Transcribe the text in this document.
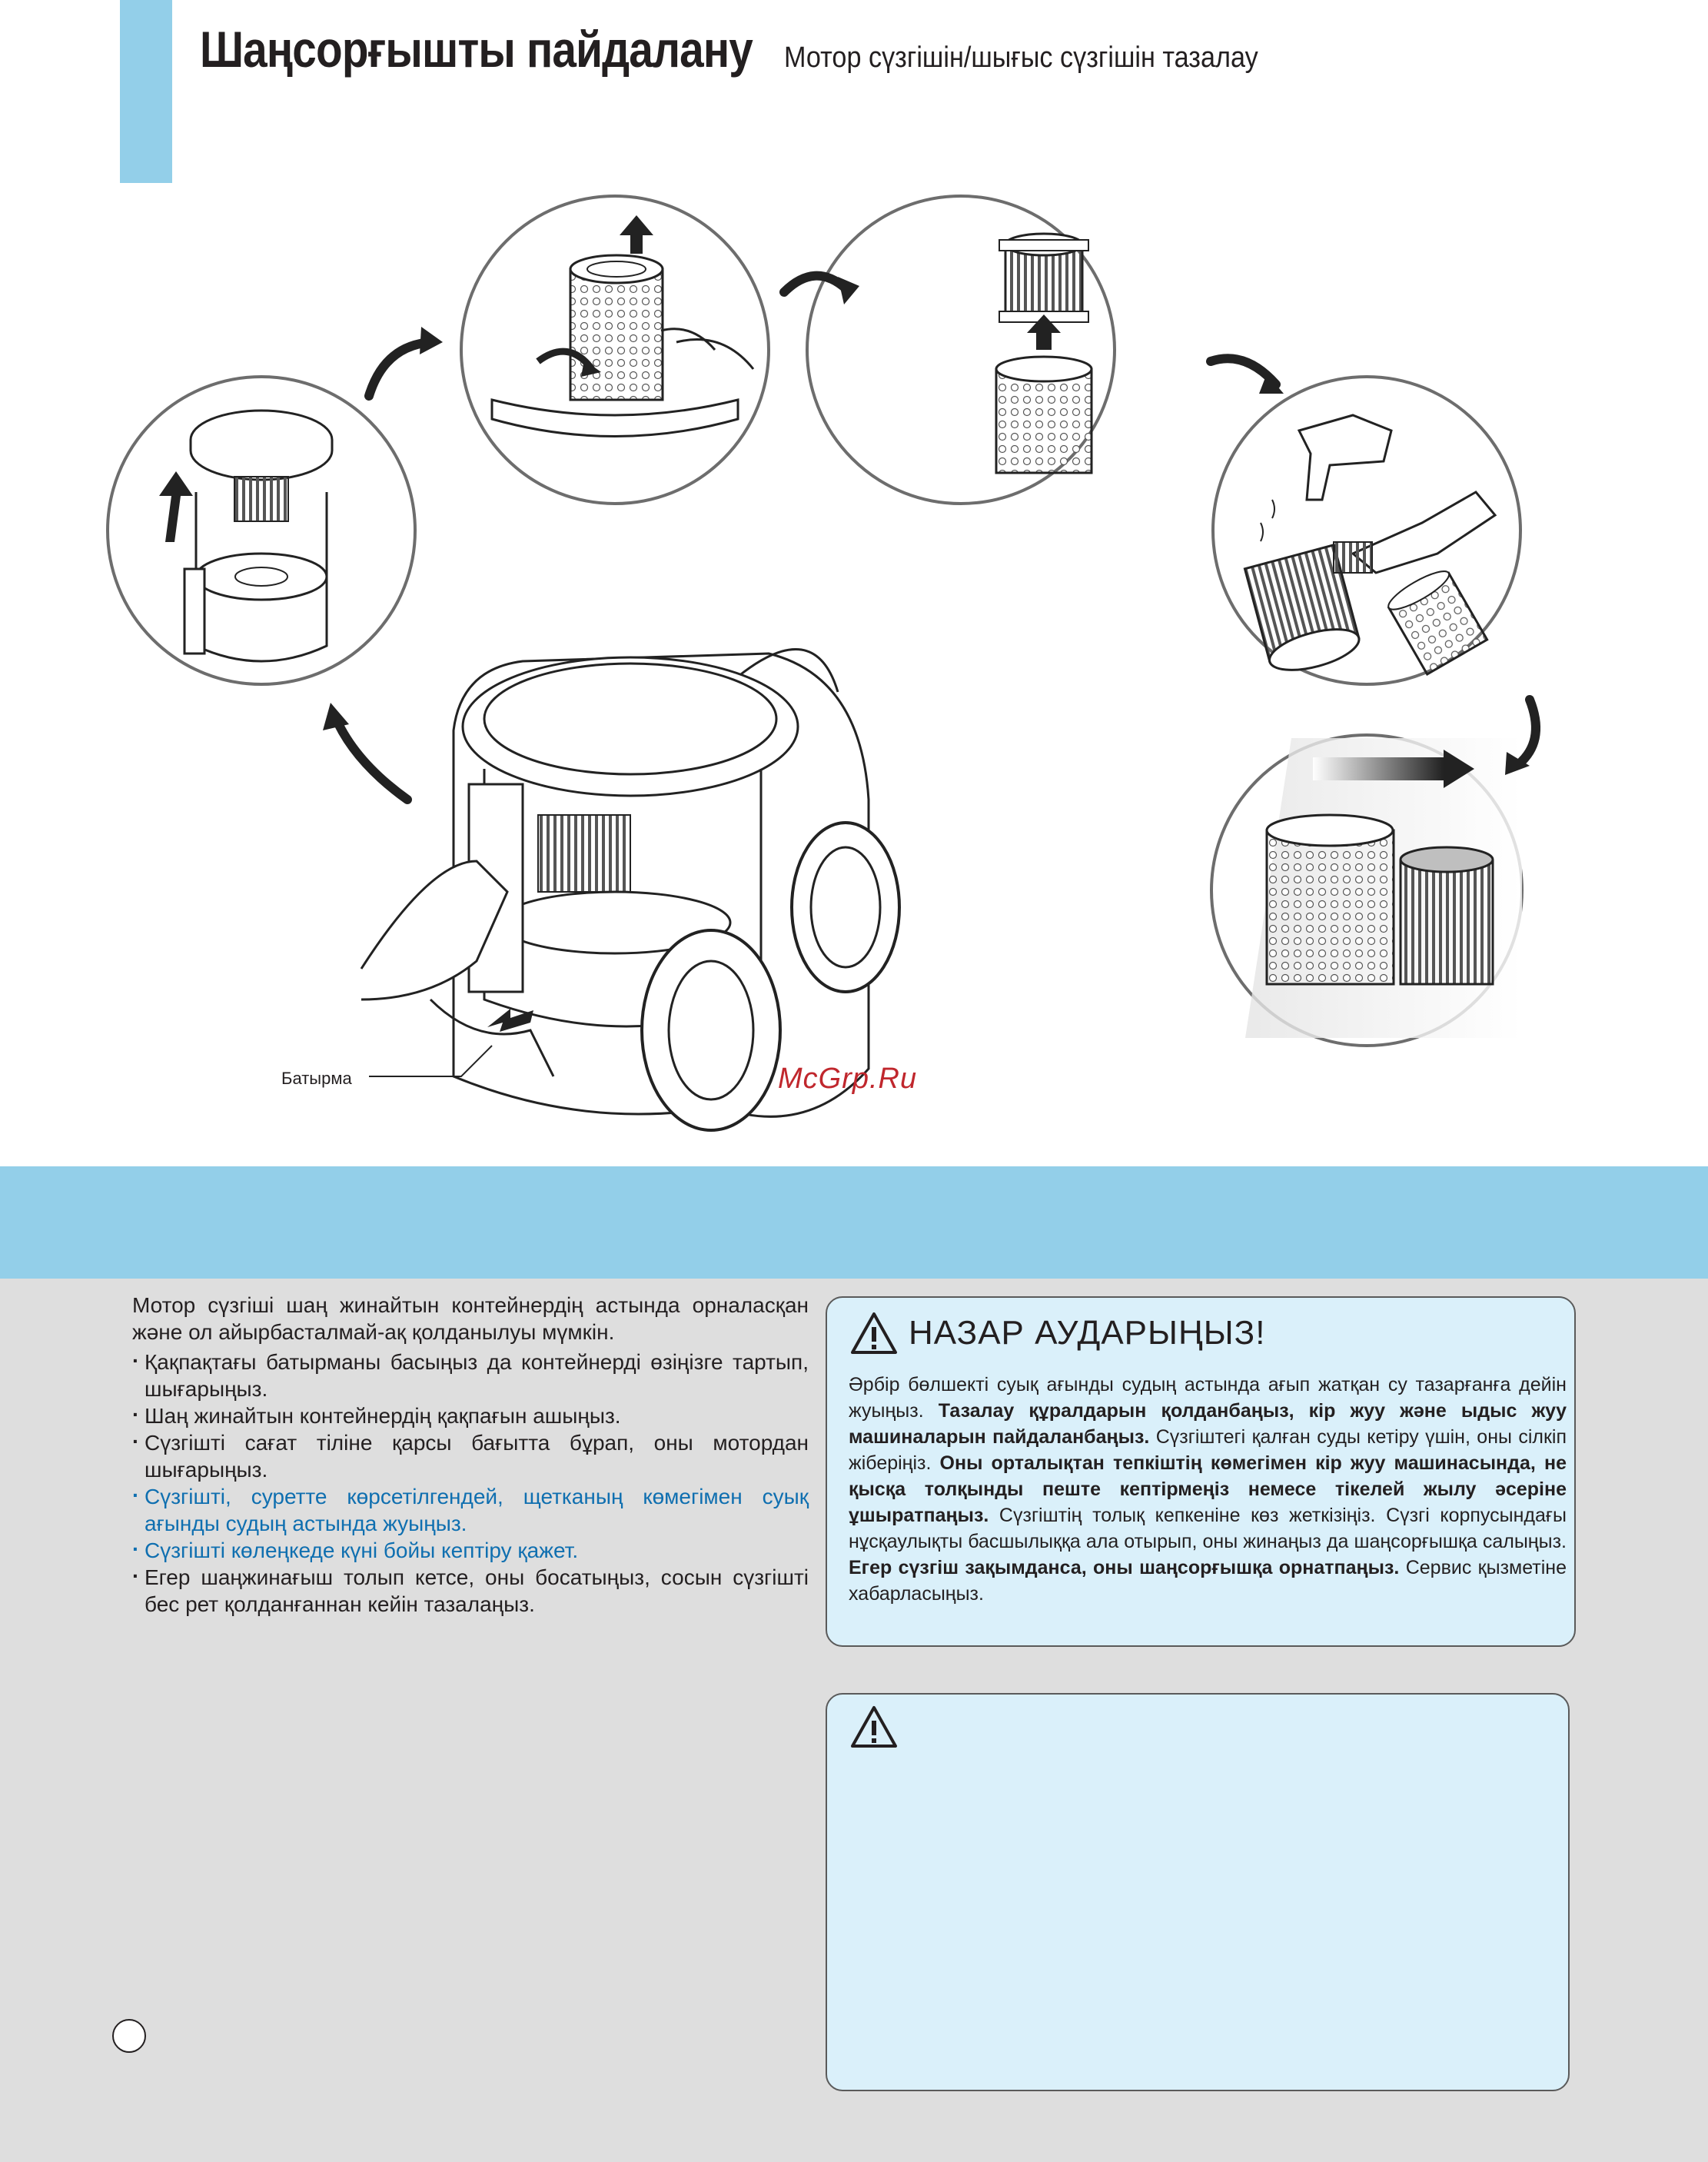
Шаңсорғышты пайдалану Мотор сүзгішін/шығыс сүзгішін тазалау
Батырма	McGrp.Ru

Мотор сүзгіші шаң жинайтын контейнердің астында орналасқан және ол айырбасталмай-ақ қолданылуы мүмкін.

· Қақпақтағы батырманы басыңыз да контейнерді өзіңізге тартып, шығарыңыз.
· Шаң жинайтын контейнердің қақпағын ашыңыз.
· Сүзгішті сағат тіліне қарсы бағытта бұрап, оны мотордан шығарыңыз.
· Сүзгішті, суретте көрсетілгендей, щетканың көмегімен суық ағынды судың астында жуыңыз.
· Сүзгішті көлеңкеде күні бойы кептіру қажет.
· Егер шаңжинағыш толып кетсе, оны босатыңыз, сосын сүзгішті бес рет қолданғаннан кейін тазалаңыз.
НАЗАР АУДАРЫҢЫЗ!
Әрбір бөлшекті суық ағынды судың астында ағып жатқан су тазарғанға дейін жуыңыз. Тазалау құралдарын қолданбаңыз, кір жуу және ыдыс жуу машиналарын пайдаланбаңыз. Сүзгіштегі қалған суды кетіру үшін, оны сілкіп жіберіңіз. Оны орталықтан тепкіштің көмегімен кір жуу машинасында, не қысқа толқынды пеште кептірмеңіз немесе тікелей жылу әсеріне ұшыратпаңыз. Сүзгіштің толық кепкеніне көз жеткізіңіз. Сүзгі корпусындағы нұсқаулықты басшылыққа ала отырып, оны жинаңыз да шаңсорғышқа салыңыз. Егер сүзгіш зақымданса, оны шаңсорғышқа орнатпаңыз. Сервис қызметіне хабарласыңыз.
